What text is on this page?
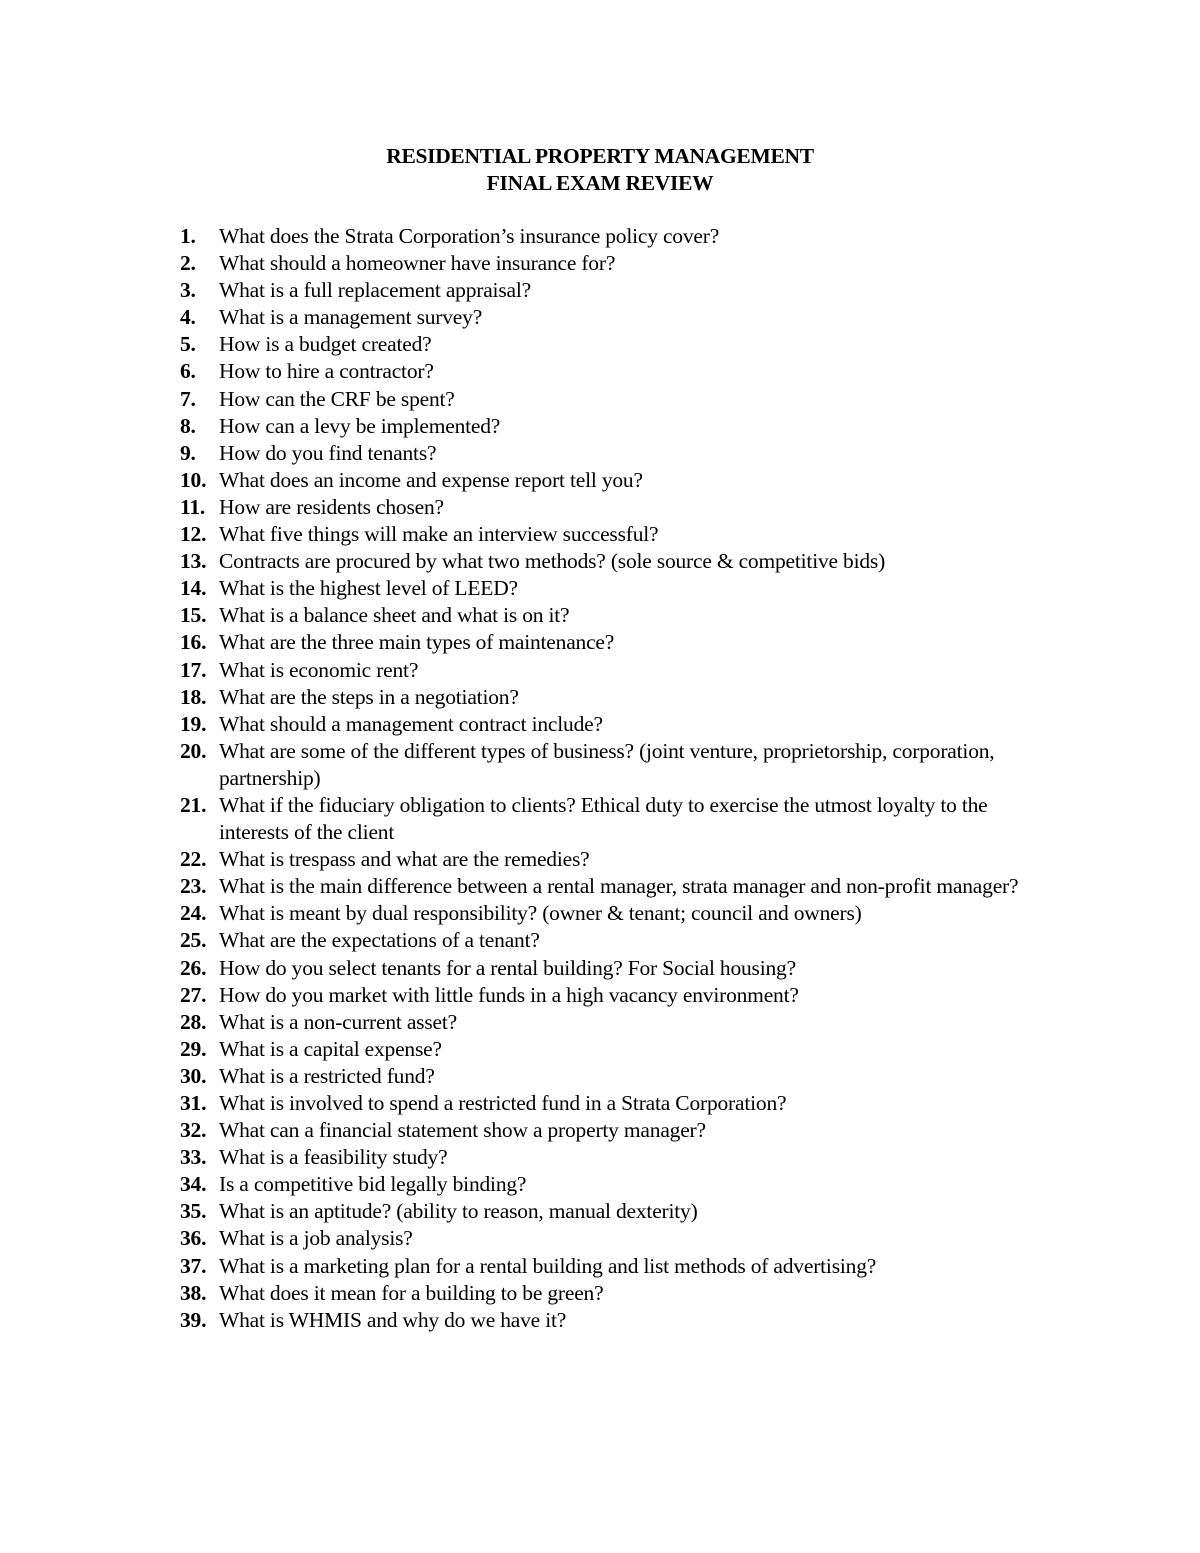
RESIDENTIAL PROPERTY MANAGEMENT
FINAL EXAM REVIEW
1.	What does the Strata Corporation’s insurance policy cover?
2.	What should a homeowner have insurance for?
3.	What is a full replacement appraisal?
4.	What is a management survey?
5.	How is a budget created?
6.	How to hire a contractor?
7.	How can the CRF be spent?
8.	How can a levy be implemented?
9.	How do you find tenants?
10. What does an income and expense report tell you?
11. How are residents chosen?
12. What five things will make an interview successful?
13. Contracts are procured by what two methods? (sole source & competitive bids)
14. What is the highest level of LEED?
15. What is a balance sheet and what is on it?
16. What are the three main types of maintenance?
17. What is economic rent?
18. What are the steps in a negotiation?
19. What should a management contract include?
20. What are some of the different types of business? (joint venture, proprietorship, corporation, partnership)
21. What if the fiduciary obligation to clients? Ethical duty to exercise the utmost loyalty to the interests of the client
22. What is trespass and what are the remedies?
23. What is the main difference between a rental manager, strata manager and non-profit manager?
24. What is meant by dual responsibility? (owner & tenant; council and owners)
25. What are the expectations of a tenant?
26. How do you select tenants for a rental building? For Social housing?
27. How do you market with little funds in a high vacancy environment?
28. What is a non-current asset?
29. What is a capital expense?
30. What is a restricted fund?
31. What is involved to spend a restricted fund in a Strata Corporation?
32. What can a financial statement show a property manager?
33. What is a feasibility study?
34. Is a competitive bid legally binding?
35. What is an aptitude? (ability to reason, manual dexterity)
36. What is a job analysis?
37. What is a marketing plan for a rental building and list methods of advertising?
38. What does it mean for a building to be green?
39. What is WHMIS and why do we have it?
